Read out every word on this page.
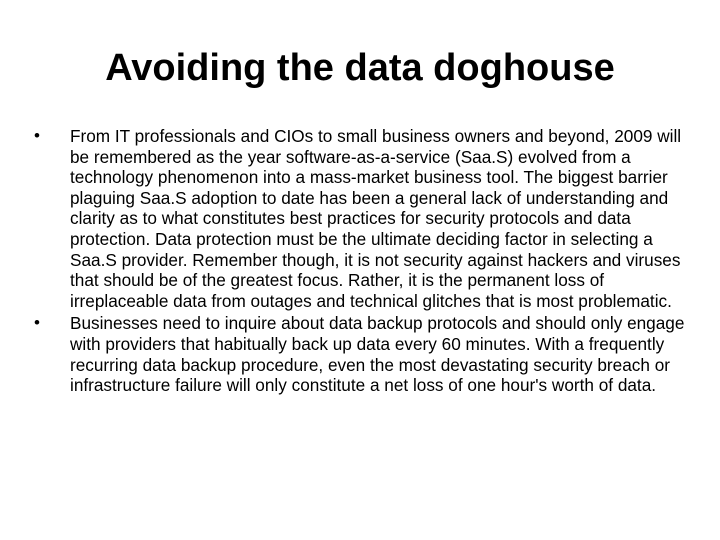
Avoiding the data doghouse
•	From IT professionals and CIOs to small business owners and beyond, 2009 will be remembered as the year software-as-a-service (Saa.S) evolved from a technology phenomenon into a mass-market business tool. The biggest barrier plaguing Saa.S adoption to date has been a general lack of understanding and clarity as to what constitutes best practices for security protocols and data protection. Data protection must be the ultimate deciding factor in selecting a Saa.S provider. Remember though, it is not security against hackers and viruses that should be of the greatest focus. Rather, it is the permanent loss of irreplaceable data from outages and technical glitches that is most problematic.
•	Businesses need to inquire about data backup protocols and should only engage with providers that habitually back up data every 60 minutes. With a frequently recurring data backup procedure, even the most devastating security breach or infrastructure failure will only constitute a net loss of one hour's worth of data.
